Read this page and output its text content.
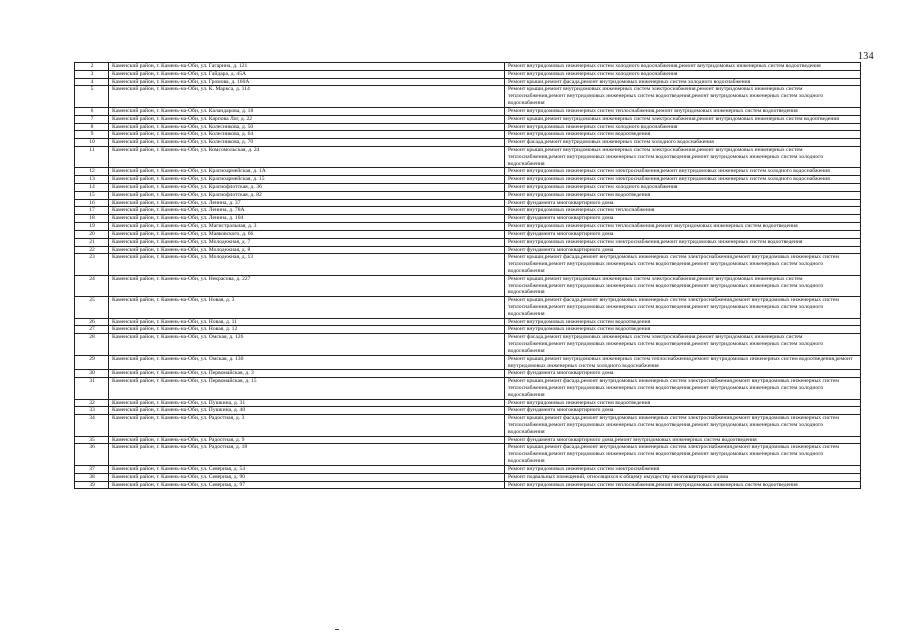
134
2	Каменский район, г. Камень-на-Оби, ул. Гагарина, д. 121	Ремонт внутридомовых инженерных систем холодного водоснабжения,ремонт внутридомовых инженерных систем водоотведения
3	Каменский район, г. Камень-на-Оби, ул. Гайдара, д. 45А	Ремонт внутридомовых инженерных систем холодного водоснабжения
4	Каменский район, г. Камень-на-Оби, ул. Громова, д. 160А	Ремонт крыши,ремонт фасада,ремонт внутридомовых инженерных систем холодного водоснабжения
5	Каменский район, г. Камень-на-Оби, ул. К. Маркса, д. 114	Ремонт крыши,ремонт внутридомовых инженерных систем электроснабжения,ремонт внутридомовых инженерных систем теплоснабжения,ремонт внутридомовых инженерных систем водоотведения,ремонт внутридомовых инженерных систем холодного водоснабжения
6	Каменский район, г. Камень-на-Оби, ул. Каландарова, д. 18	Ремонт внутридомовых инженерных систем теплоснабжения,ремонт внутридомовых инженерных систем водоотведения
7	Каменский район, г. Камень-на-Оби, ул. Карпова Лог, д. 22	Ремонт крыши,ремонт внутридомовых инженерных систем электроснабжения,ремонт внутридомовых инженерных систем водоотведения
8	Каменский район, г. Камень-на-Оби, ул. Колесникова, д. 50	Ремонт внутридомовых инженерных систем холодного водоснабжения
9	Каменский район, г. Камень-на-Оби, ул. Колесникова, д. 64	Ремонт внутридомовых инженерных систем водоотведения
10	Каменский район, г. Камень-на-Оби, ул. Колесникова, д. 70	Ремонт фасада,ремонт внутридомовых инженерных систем холодного водоснабжения
11	Каменский район, г. Камень-на-Оби, ул. Комсомольская, д. 24	Ремонт крыши,ремонт внутридомовых инженерных систем электроснабжения,ремонт внутридомовых инженерных систем теплоснабжения,ремонт внутридомовых инженерных систем водоотведения,ремонт внутридомовых инженерных систем холодного водоснабжения
12	Каменский район, г. Камень-на-Оби, ул. Красноармейская, д. 1А	Ремонт внутридомовых инженерных систем электроснабжения,ремонт внутридомовых инженерных систем холодного водоснабжения
13	Каменский район, г. Камень-на-Оби, ул. Красноармейская, д. 15	Ремонт внутридомовых инженерных систем электроснабжения,ремонт внутридомовых инженерных систем холодного водоснабжения
14	Каменский район, г. Камень-на-Оби, ул. Краснофлотская, д. 36	Ремонт внутридомовых инженерных систем холодного водоснабжения
15	Каменский район, г. Камень-на-Оби, ул. Краснофлотская, д. 82	Ремонт внутридомовых инженерных систем водоотведения
16	Каменский район, г. Камень-на-Оби, ул. Ленина, д. 37	Ремонт фундамента многоквартирного дома
17	Каменский район, г. Камень-на-Оби, ул. Ленина, д. 78А	Ремонт внутридомовых инженерных систем теплоснабжения
18	Каменский район, г. Камень-на-Оби, ул. Ленина, д. 104	Ремонт фундамента многоквартирного дома
19	Каменский район, г. Камень-на-Оби, ул. Магистральная, д. 3	Ремонт внутридомовых инженерных систем теплоснабжения,ремонт внутридомовых инженерных систем водоотведения
20	Каменский район, г. Камень-на-Оби, ул. Маяковского, д. 66	Ремонт фундамента многоквартирного дома
21	Каменский район, г. Камень-на-Оби, ул. Молодежная, д. 7	Ремонт внутридомовых инженерных систем электроснабжения,ремонт внутридомовых инженерных систем водоотведения
22	Каменский район, г. Камень-на-Оби, ул. Молодежная, д. 8	Ремонт фундамента многоквартирного дома
23	Каменский район, г. Камень-на-Оби, ул. Молодежная, д. 13	Ремонт крыши,ремонт фасада,ремонт внутридомовых инженерных систем электроснабжения,ремонт внутридомовых инженерных систем теплоснабжения,ремонт внутридомовых инженерных систем водоотведения,ремонт внутридомовых инженерных систем холодного водоснабжения
24	Каменский район, г. Камень-на-Оби, ул. Некрасова, д. 227	Ремонт крыши,ремонт внутридомовых инженерных систем электроснабжения,ремонт внутридомовых инженерных систем теплоснабжения,ремонт внутридомовых инженерных систем водоотведения,ремонт внутридомовых инженерных систем холодного водоснабжения
25	Каменский район, г. Камень-на-Оби, ул. Новая, д. 3	Ремонт крыши,ремонт фасада,ремонт внутридомовых инженерных систем электроснабжения,ремонт внутридомовых инженерных систем теплоснабжения,ремонт внутридомовых инженерных систем водоотведения,ремонт внутридомовых инженерных систем холодного водоснабжения
26	Каменский район, г. Камень-на-Оби, ул. Новая, д. 11	Ремонт внутридомовых инженерных систем водоотведения
27	Каменский район, г. Камень-на-Оби, ул. Новая, д. 12	Ремонт внутридомовых инженерных систем водоотведения
28	Каменский район, г. Камень-на-Оби, ул. Омская, д. 126	Ремонт фасада,ремонт внутридомовых инженерных систем электроснабжения,ремонт внутридомовых инженерных систем теплоснабжения,ремонт внутридомовых инженерных систем водоотведения,ремонт внутридомовых инженерных систем холодного водоснабжения
29	Каменский район, г. Камень-на-Оби, ул. Омская, д. 130	Ремонт крыши,ремонт внутридомовых инженерных систем теплоснабжения,ремонт внутридомовых инженерных систем водоотведения,ремонт внутридомовых инженерных систем холодного водоснабжения
30	Каменский район, г. Камень-на-Оби, ул. Первомайская, д. 3	Ремонт фундамента многоквартирного дома
31	Каменский район, г. Камень-на-Оби, ул. Первомайская, д. 15	Ремонт крыши,ремонт фасада,ремонт внутридомовых инженерных систем электроснабжения,ремонт внутридомовых инженерных систем теплоснабжения,ремонт внутридомовых инженерных систем водоотведения,ремонт внутридомовых инженерных систем холодного водоснабжения
32	Каменский район, г. Камень-на-Оби, ул. Пушкина, д. 31	Ремонт внутридомовых инженерных систем водоотведения
33	Каменский район, г. Камень-на-Оби, ул. Пушкина, д. 40	Ремонт фундамента многоквартирного дома
34	Каменский район, г. Камень-на-Оби, ул. Радостная, д. 3	Ремонт крыши,ремонт фасада,ремонт внутридомовых инженерных систем электроснабжения,ремонт внутридомовых инженерных систем теплоснабжения,ремонт внутридомовых инженерных систем водоотведения,ремонт внутридомовых инженерных систем холодного водоснабжения
35	Каменский район, г. Камень-на-Оби, ул. Радостная, д. 9	Ремонт фундамента многоквартирного дома,ремонт внутридомовых инженерных систем водоотведения
36	Каменский район, г. Камень-на-Оби, ул. Радостная, д. 18	Ремонт крыши,ремонт фасада,ремонт внутридомовых инженерных систем электроснабжения,ремонт внутридомовых инженерных систем теплоснабжения,ремонт внутридомовых инженерных систем водоотведения,ремонт внутридомовых инженерных систем холодного водоснабжения
37	Каменский район, г. Камень-на-Оби, ул. Северная, д. 54	Ремонт внутридомовых инженерных систем электроснабжения
38	Каменский район, г. Камень-на-Оби, ул. Северная, д. 90	Ремонт подвальных помещений, относящихся к общему имуществу многоквартирного дома
39	Каменский район, г. Камень-на-Оби, ул. Северная, д. 97	Ремонт внутридомовых инженерных систем теплоснабжения,ремонт внутридомовых инженерных систем водоотведения
